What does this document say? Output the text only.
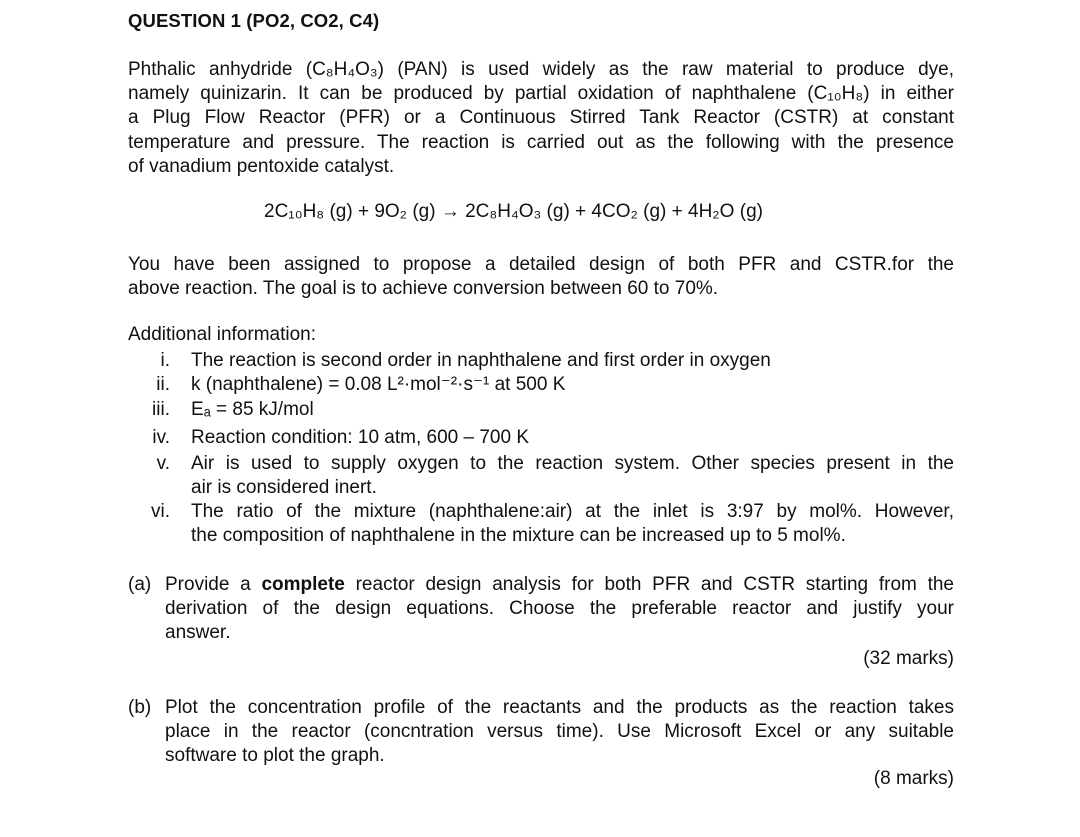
QUESTION 1 (PO2, CO2, C4)
Phthalic anhydride (C₈H₄O₃) (PAN) is used widely as the raw material to produce dye,
namely quinizarin. It can be produced by partial oxidation of naphthalene (C₁₀H₈) in either
a Plug Flow Reactor (PFR) or a Continuous Stirred Tank Reactor (CSTR) at constant
temperature and pressure. The reaction is carried out as the following with the presence
of vanadium pentoxide catalyst.
2C₁₀H₈ (g) + 9O₂ (g) → 2C₈H₄O₃ (g) + 4CO₂ (g) + 4H₂O (g)
You have been assigned to propose a detailed design of both PFR and CSTR.for the
above reaction. The goal is to achieve conversion between 60 to 70%.
Additional information:
i. The reaction is second order in naphthalene and first order in oxygen
ii. k (naphthalene) = 0.08 L²·mol⁻²·s⁻¹ at 500 K
iii. Eₐ = 85 kJ/mol
iv. Reaction condition: 10 atm, 600 – 700 K
v. Air is used to supply oxygen to the reaction system. Other species present in the
air is considered inert.
vi. The ratio of the mixture (naphthalene:air) at the inlet is 3:97 by mol%. However,
the composition of naphthalene in the mixture can be increased up to 5 mol%.
(a) Provide a complete reactor design analysis for both PFR and CSTR starting from the
derivation of the design equations. Choose the preferable reactor and justify your
answer.
(32 marks)
(b) Plot the concentration profile of the reactants and the products as the reaction takes
place in the reactor (concntration versus time). Use Microsoft Excel or any suitable
software to plot the graph.
(8 marks)
